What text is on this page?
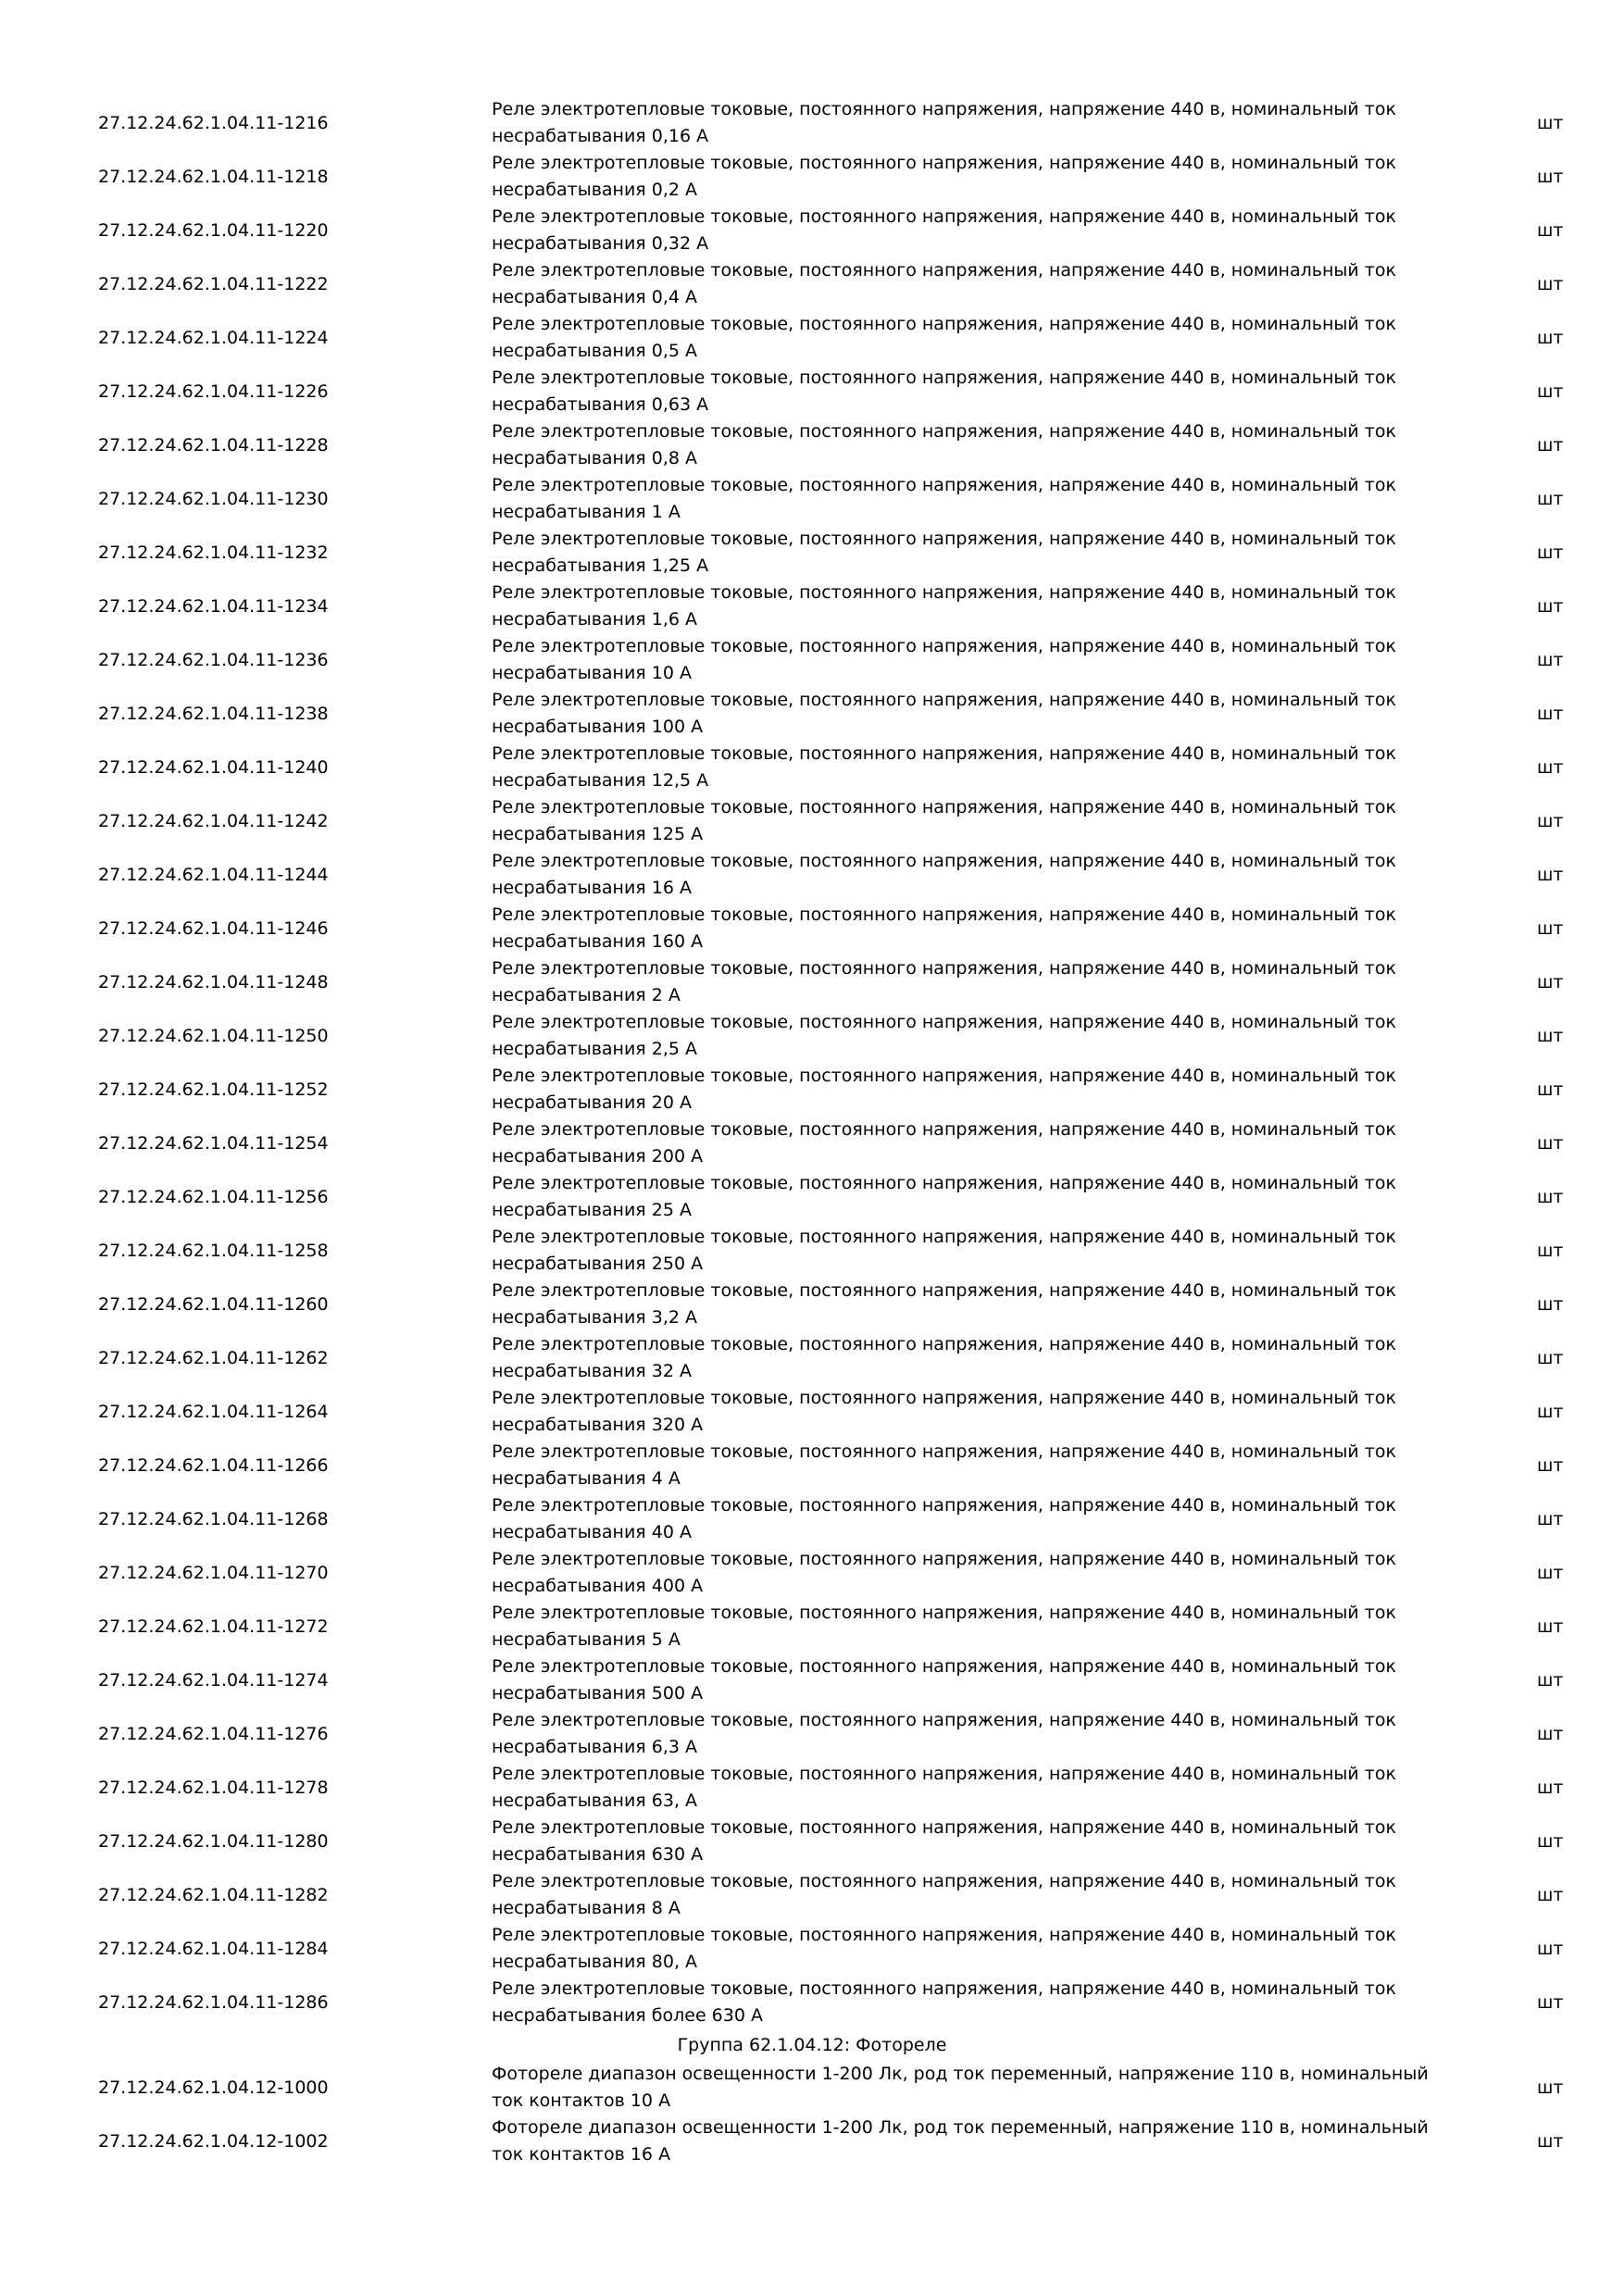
27.12.24.62.1.04.11-1216
Реле электротепловые токовые, постоянного напряжения, напряжение 440 в, номинальный ток несрабатывания 0,16 А
шт
27.12.24.62.1.04.11-1218
Реле электротепловые токовые, постоянного напряжения, напряжение 440 в, номинальный ток несрабатывания 0,2 А
шт
27.12.24.62.1.04.11-1220
Реле электротепловые токовые, постоянного напряжения, напряжение 440 в, номинальный ток несрабатывания 0,32 А
шт
27.12.24.62.1.04.11-1222
Реле электротепловые токовые, постоянного напряжения, напряжение 440 в, номинальный ток несрабатывания 0,4 А
шт
27.12.24.62.1.04.11-1224
Реле электротепловые токовые, постоянного напряжения, напряжение 440 в, номинальный ток несрабатывания 0,5 А
шт
27.12.24.62.1.04.11-1226
Реле электротепловые токовые, постоянного напряжения, напряжение 440 в, номинальный ток несрабатывания 0,63 А
шт
27.12.24.62.1.04.11-1228
Реле электротепловые токовые, постоянного напряжения, напряжение 440 в, номинальный ток несрабатывания 0,8 А
шт
27.12.24.62.1.04.11-1230
Реле электротепловые токовые, постоянного напряжения, напряжение 440 в, номинальный ток несрабатывания 1 А
шт
27.12.24.62.1.04.11-1232
Реле электротепловые токовые, постоянного напряжения, напряжение 440 в, номинальный ток несрабатывания 1,25 А
шт
27.12.24.62.1.04.11-1234
Реле электротепловые токовые, постоянного напряжения, напряжение 440 в, номинальный ток несрабатывания 1,6 А
шт
27.12.24.62.1.04.11-1236
Реле электротепловые токовые, постоянного напряжения, напряжение 440 в, номинальный ток несрабатывания 10 А
шт
27.12.24.62.1.04.11-1238
Реле электротепловые токовые, постоянного напряжения, напряжение 440 в, номинальный ток несрабатывания 100 А
шт
27.12.24.62.1.04.11-1240
Реле электротепловые токовые, постоянного напряжения, напряжение 440 в, номинальный ток несрабатывания 12,5 А
шт
27.12.24.62.1.04.11-1242
Реле электротепловые токовые, постоянного напряжения, напряжение 440 в, номинальный ток несрабатывания 125 А
шт
27.12.24.62.1.04.11-1244
Реле электротепловые токовые, постоянного напряжения, напряжение 440 в, номинальный ток несрабатывания 16 А
шт
27.12.24.62.1.04.11-1246
Реле электротепловые токовые, постоянного напряжения, напряжение 440 в, номинальный ток несрабатывания 160 А
шт
27.12.24.62.1.04.11-1248
Реле электротепловые токовые, постоянного напряжения, напряжение 440 в, номинальный ток несрабатывания 2 А
шт
27.12.24.62.1.04.11-1250
Реле электротепловые токовые, постоянного напряжения, напряжение 440 в, номинальный ток несрабатывания 2,5 А
шт
27.12.24.62.1.04.11-1252
Реле электротепловые токовые, постоянного напряжения, напряжение 440 в, номинальный ток несрабатывания 20 А
шт
27.12.24.62.1.04.11-1254
Реле электротепловые токовые, постоянного напряжения, напряжение 440 в, номинальный ток несрабатывания 200 А
шт
27.12.24.62.1.04.11-1256
Реле электротепловые токовые, постоянного напряжения, напряжение 440 в, номинальный ток несрабатывания 25 А
шт
27.12.24.62.1.04.11-1258
Реле электротепловые токовые, постоянного напряжения, напряжение 440 в, номинальный ток несрабатывания 250 А
шт
27.12.24.62.1.04.11-1260
Реле электротепловые токовые, постоянного напряжения, напряжение 440 в, номинальный ток несрабатывания 3,2 А
шт
27.12.24.62.1.04.11-1262
Реле электротепловые токовые, постоянного напряжения, напряжение 440 в, номинальный ток несрабатывания 32 А
шт
27.12.24.62.1.04.11-1264
Реле электротепловые токовые, постоянного напряжения, напряжение 440 в, номинальный ток несрабатывания 320 А
шт
27.12.24.62.1.04.11-1266
Реле электротепловые токовые, постоянного напряжения, напряжение 440 в, номинальный ток несрабатывания 4 А
шт
27.12.24.62.1.04.11-1268
Реле электротепловые токовые, постоянного напряжения, напряжение 440 в, номинальный ток несрабатывания 40 А
шт
27.12.24.62.1.04.11-1270
Реле электротепловые токовые, постоянного напряжения, напряжение 440 в, номинальный ток несрабатывания 400 А
шт
27.12.24.62.1.04.11-1272
Реле электротепловые токовые, постоянного напряжения, напряжение 440 в, номинальный ток несрабатывания 5 А
шт
27.12.24.62.1.04.11-1274
Реле электротепловые токовые, постоянного напряжения, напряжение 440 в, номинальный ток несрабатывания 500 А
шт
27.12.24.62.1.04.11-1276
Реле электротепловые токовые, постоянного напряжения, напряжение 440 в, номинальный ток несрабатывания 6,3 А
шт
27.12.24.62.1.04.11-1278
Реле электротепловые токовые, постоянного напряжения, напряжение 440 в, номинальный ток несрабатывания 63, А
шт
27.12.24.62.1.04.11-1280
Реле электротепловые токовые, постоянного напряжения, напряжение 440 в, номинальный ток несрабатывания 630 А
шт
27.12.24.62.1.04.11-1282
Реле электротепловые токовые, постоянного напряжения, напряжение 440 в, номинальный ток несрабатывания 8 А
шт
27.12.24.62.1.04.11-1284
Реле электротепловые токовые, постоянного напряжения, напряжение 440 в, номинальный ток несрабатывания 80, А
шт
27.12.24.62.1.04.11-1286
Реле электротепловые токовые, постоянного напряжения, напряжение 440 в, номинальный ток несрабатывания более 630 А
шт
Группа 62.1.04.12: Фотореле
27.12.24.62.1.04.12-1000
Фотореле диапазон освещенности 1-200 Лк, род ток переменный, напряжение 110 в, номинальный ток контактов 10 А
шт
27.12.24.62.1.04.12-1002
Фотореле диапазон освещенности 1-200 Лк, род ток переменный, напряжение 110 в, номинальный ток контактов 16 А
шт
